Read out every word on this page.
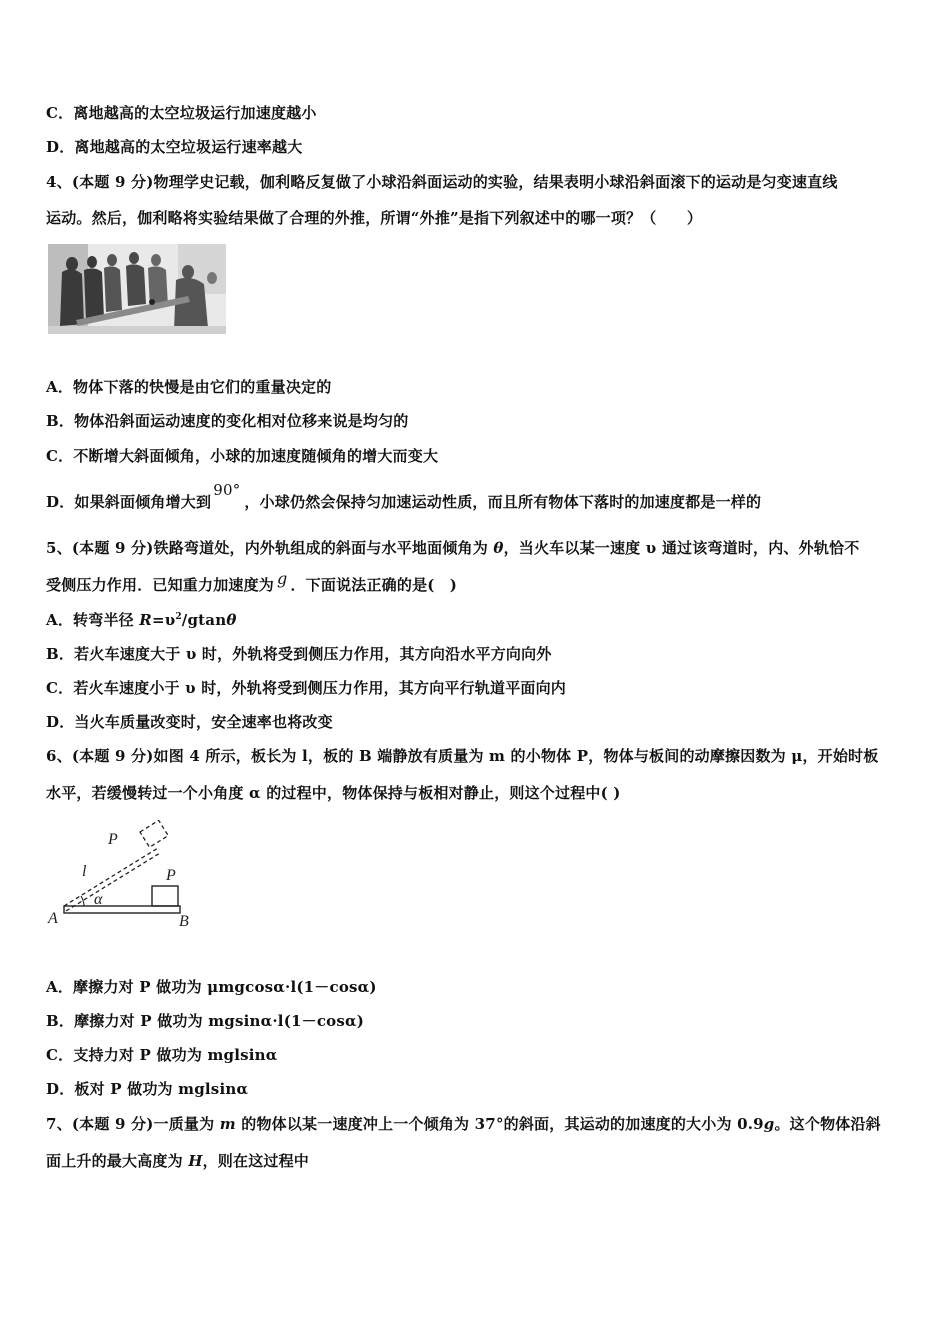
C．离地越高的太空垃圾运行加速度越小
D．离地越高的太空垃圾运行速率越大
4、(本题 9 分)物理学史记载，伽利略反复做了小球沿斜面运动的实验，结果表明小球沿斜面滚下的运动是匀变速直线
运动。然后，伽利略将实验结果做了合理的外推，所谓“外推”是指下列叙述中的哪一项？（　　）
A．物体下落的快慢是由它们的重量决定的
B．物体沿斜面运动速度的变化相对位移来说是均匀的
C．不断增大斜面倾角，小球的加速度随倾角的增大而变大
D．如果斜面倾角增大到90°，小球仍然会保持匀加速运动性质，而且所有物体下落时的加速度都是一样的
5、(本题 9 分)铁路弯道处，内外轨组成的斜面与水平地面倾角为 θ，当火车以某一速度 υ 通过该弯道时，内、外轨恰不
受侧压力作用．已知重力加速度为 g ．下面说法正确的是(　)
A．转弯半径 $R=\upsilon^2$/gtanθ
B．若火车速度大于 υ 时，外轨将受到侧压力作用，其方向沿水平方向向外
C．若火车速度小于 υ 时，外轨将受到侧压力作用，其方向平行轨道平面向内
D．当火车质量改变时，安全速率也将改变
6、(本题 9 分)如图 4 所示，板长为 l，板的 B 端静放有质量为 m 的小物体 P，物体与板间的动摩擦因数为 μ，开始时板
水平，若缓慢转过一个小角度 α 的过程中，物体保持与板相对静止，则这个过程中( )
P
l	P
α
A	B
A．摩擦力对 P 做功为 μmgcosα·l(1－cosα)
B．摩擦力对 P 做功为 mgsinα·l(1－cosα)
C．支持力对 P 做功为 mglsinα
D．板对 P 做功为 mglsinα
7、(本题 9 分)一质量为 m 的物体以某一速度冲上一个倾角为 37°的斜面，其运动的加速度的大小为 0.9g。这个物体沿斜
面上升的最大高度为 H，则在这过程中
